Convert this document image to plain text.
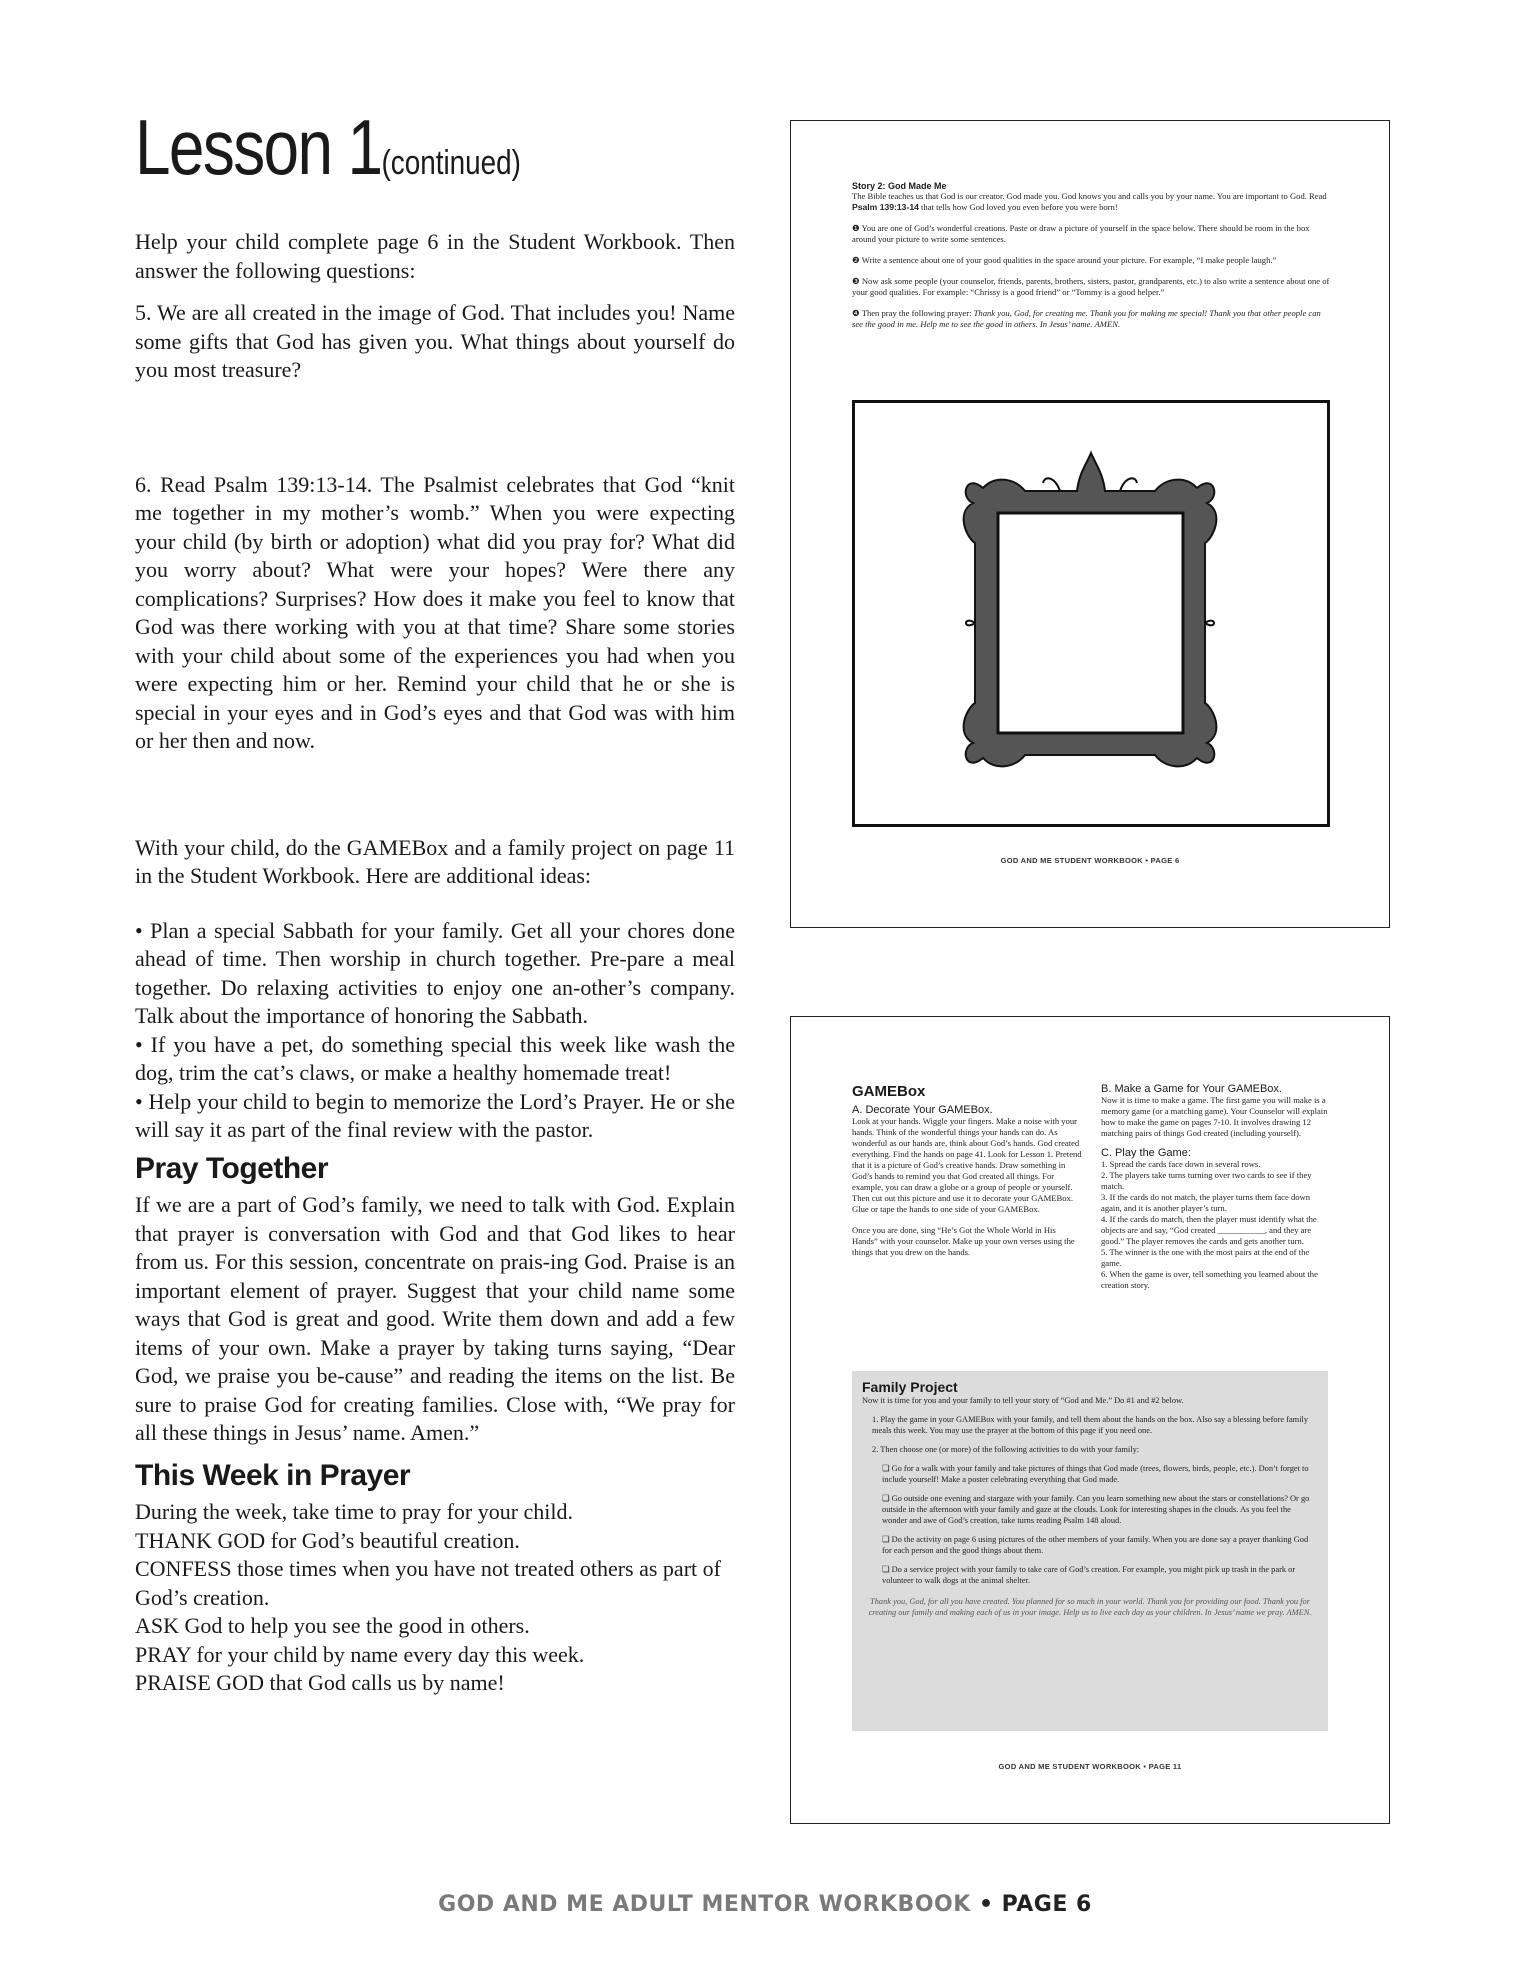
Lesson 1(continued)

Help your child complete page 6 in the Student Workbook. Then answer the following questions:

5. We are all created in the image of God. That includes you! Name some gifts that God has given you. What things about yourself do you most treasure?

6. Read Psalm 139:13-14. The Psalmist celebrates that God “knit me together in my mother’s womb.” When you were expecting your child (by birth or adoption) what did you pray for? What did you worry about? What were your hopes? Were there any complications? Surprises? How does it make you feel to know that God was there working with you at that time? Share some stories with your child about some of the experiences you had when you were expecting him or her. Remind your child that he or she is special in your eyes and in God’s eyes and that God was with him or her then and now.

With your child, do the GAMEBox and a family project on page 11 in the Student Workbook. Here are additional ideas:

• Plan a special Sabbath for your family. Get all your chores done ahead of time. Then worship in church together. Pre-pare a meal together. Do relaxing activities to enjoy one an-other’s company. Talk about the importance of honoring the Sabbath.

• If you have a pet, do something special this week like wash the dog, trim the cat’s claws, or make a healthy homemade treat!

• Help your child to begin to memorize the Lord’s Prayer. He or she will say it as part of the final review with the pastor.

Pray Together

If we are a part of God’s family, we need to talk with God. Explain that prayer is conversation with God and that God likes to hear from us. For this session, concentrate on prais-ing God. Praise is an important element of prayer. Suggest that your child name some ways that God is great and good. Write them down and add a few items of your own. Make a prayer by taking turns saying, “Dear God, we praise you be-cause” and reading the items on the list. Be sure to praise God for creating families. Close with, “We pray for all these things in Jesus’ name. Amen.”

This Week in Prayer

During the week, take time to pray for your child.

THANK GOD for God’s beautiful creation.

CONFESS those times when you have not treated others as part of God’s creation.

ASK God to help you see the good in others.

PRAY for your child by name every day this week.

PRAISE GOD that God calls us by name!

Story 2: God Made Me

The Bible teaches us that God is our creator. God made you. God knows you and calls you by your name. You are important to God. Read Psalm 139:13-14 that tells how God loved you even before you were born!

❶ You are one of God’s wonderful creations. Paste or draw a picture of yourself in the space below. There should be room in the box around your picture to write some sentences.

❷ Write a sentence about one of your good qualities in the space around your picture. For example, “I make people laugh.”

❸ Now ask some people (your counselor, friends, parents, brothers, sisters, pastor, grandparents, etc.) to also write a sentence about one of your good qualities. For example: “Chrissy is a good friend” or “Tommy is a good helper.”

❹ Then pray the following prayer: Thank you, God, for creating me. Thank you for making me special! Thank you that other people can see the good in me. Help me to see the good in others. In Jesus’ name. AMEN.

GOD AND ME STUDENT WORKBOOK • PAGE 6
GAMEBox
A. Decorate Your GAMEBox.

Look at your hands. Wiggle your fingers. Make a noise with your hands. Think of the wonderful things your hands can do. As wonderful as our hands are, think about God’s hands. God created everything. Find the hands on page 41. Look for Lesson 1. Pretend that it is a picture of God’s creative hands. Draw something in God’s hands to remind you that God created all things. For example, you can draw a globe or a group of people or yourself. Then cut out this picture and use it to decorate your GAMEBox. Glue or tape the hands to one side of your GAMEBox.

Once you are done, sing “He’s Got the Whole World in His Hands” with your counselor. Make up your own verses using the things that you drew on the hands.

B. Make a Game for Your GAMEBox.

Now it is time to make a game. The first game you will make is a memory game (or a matching game). Your Counselor will explain how to make the game on pages 7-10. It involves drawing 12 matching pairs of things God created (including yourself).

C. Play the Game:

1. Spread the cards face down in several rows.

2. The players take turns turning over two cards to see if they match.

3. If the cards do not match, the player turns them face down again, and it is another player’s turn.

4. If the cards do match, then the player must identify what the objects are and say, “God created ___________, and they are good.” The player removes the cards and gets another turn.

5. The winner is the one with the most pairs at the end of the game.

6. When the game is over, tell something you learned about the creation story.

Family Project

Now it is time for you and your family to tell your story of “God and Me.” Do #1 and #2 below.

1. Play the game in your GAMEBox with your family, and tell them about the hands on the box. Also say a blessing before family meals this week. You may use the prayer at the bottom of this page if you need one.

2. Then choose one (or more) of the following activities to do with your family:

❏ Go for a walk with your family and take pictures of things that God made (trees, flowers, birds, people, etc.). Don’t forget to include yourself! Make a poster celebrating everything that God made.

❏ Go outside one evening and stargaze with your family. Can you learn something new about the stars or constellations? Or go outside in the afternoon with your family and gaze at the clouds. Look for interesting shapes in the clouds. As you feel the wonder and awe of God’s creation, take turns reading Psalm 148 aloud.

❏ Do the activity on page 6 using pictures of the other members of your family. When you are done say a prayer thanking God for each person and the good things about them.

❏ Do a service project with your family to take care of God’s creation. For example, you might pick up trash in the park or volunteer to walk dogs at the animal shelter.

Thank you, God, for all you have created. You planned for so much in your world. Thank you for providing our food. Thank you for creating our family and making each of us in your image. Help us to live each day as your children. In Jesus’ name we pray. AMEN.

GOD AND ME STUDENT WORKBOOK • PAGE 11
GOD AND ME ADULT MENTOR WORKBOOK • PAGE 6
